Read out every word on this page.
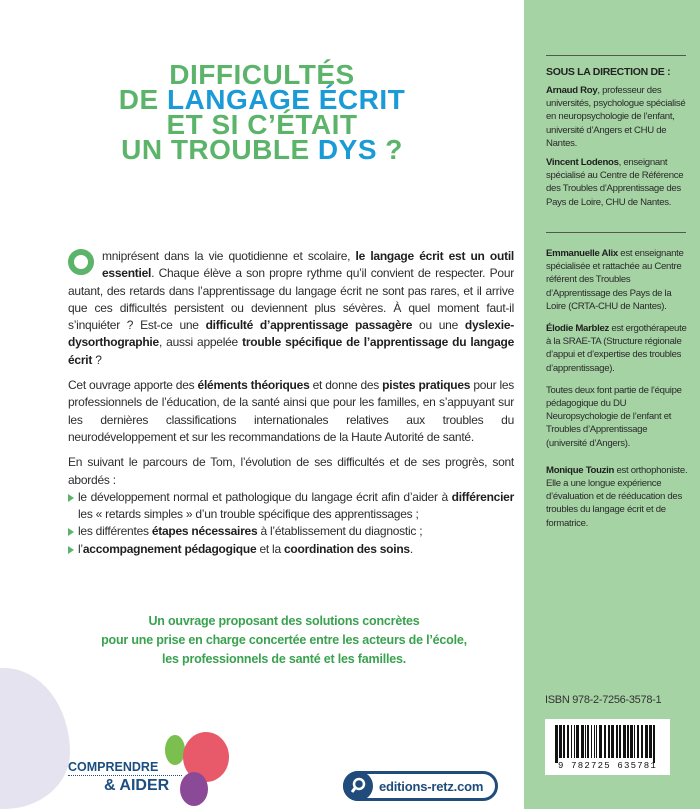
DIFFICULTÉS
DE LANGAGE ÉCRIT
ET SI C’ÉTAIT
UN TROUBLE DYS ?

mniprésent dans la vie quotidienne et scolaire, le langage écrit est un outil essentiel. Chaque élève a son propre rythme qu’il convient de respecter. Pour autant, des retards dans l’apprentissage du langage écrit ne sont pas rares, et il arrive que ces difficultés persistent ou deviennent plus sévères. À quel moment faut-il s’inquiéter ? Est-ce une difficulté d’apprentissage passagère ou une dyslexie-dysorthographie, aussi appelée trouble spécifique de l’apprentissage du langage écrit ?

Cet ouvrage apporte des éléments théoriques et donne des pistes pratiques pour les professionnels de l’éducation, de la santé ainsi que pour les familles, en s’appuyant sur les dernières classifications internationales relatives aux troubles du neurodéveloppement et sur les recommandations de la Haute Autorité de santé.

En suivant le parcours de Tom, l’évolution de ses difficultés et de ses progrès, sont abordés :

le développement normal et pathologique du langage écrit afin d’aider à différencier les « retards simples » d’un trouble spécifique des apprentissages ;
les différentes étapes nécessaires à l’établissement du diagnostic ;
l’accompagnement pédagogique et la coordination des soins.
Un ouvrage proposant des solutions concrètes
pour une prise en charge concertée entre les acteurs de l’école,
les professionnels de santé et les familles.
COMPRENDRE
& AIDER	editions-retz.com
SOUS LA DIRECTION DE :

Arnaud Roy, professeur des universités, psychologue spécialisé en neuropsychologie de l’enfant, université d’Angers et CHU de Nantes.

Vincent Lodenos, enseignant spécialisé au Centre de Référence des Troubles d’Apprentissage des Pays de Loire, CHU de Nantes.

Emmanuelle Alix est enseignante spécialisée et rattachée au Centre référent des Troubles d’Apprentissage des Pays de la Loire (CRTA-CHU de Nantes).

Élodie Marblez est ergothérapeute à la SRAE-TA (Structure régionale d’appui et d’expertise des troubles d’apprentissage).

Toutes deux font partie de l’équipe pédagogique du DU Neuropsychologie de l’enfant et Troubles d’Apprentissage (université d’Angers).

Monique Touzin est orthophoniste. Elle a une longue expérience d’évaluation et de rééducation des troubles du langage écrit et de formatrice.

ISBN 978-2-7256-3578-1
9 782725 635781
